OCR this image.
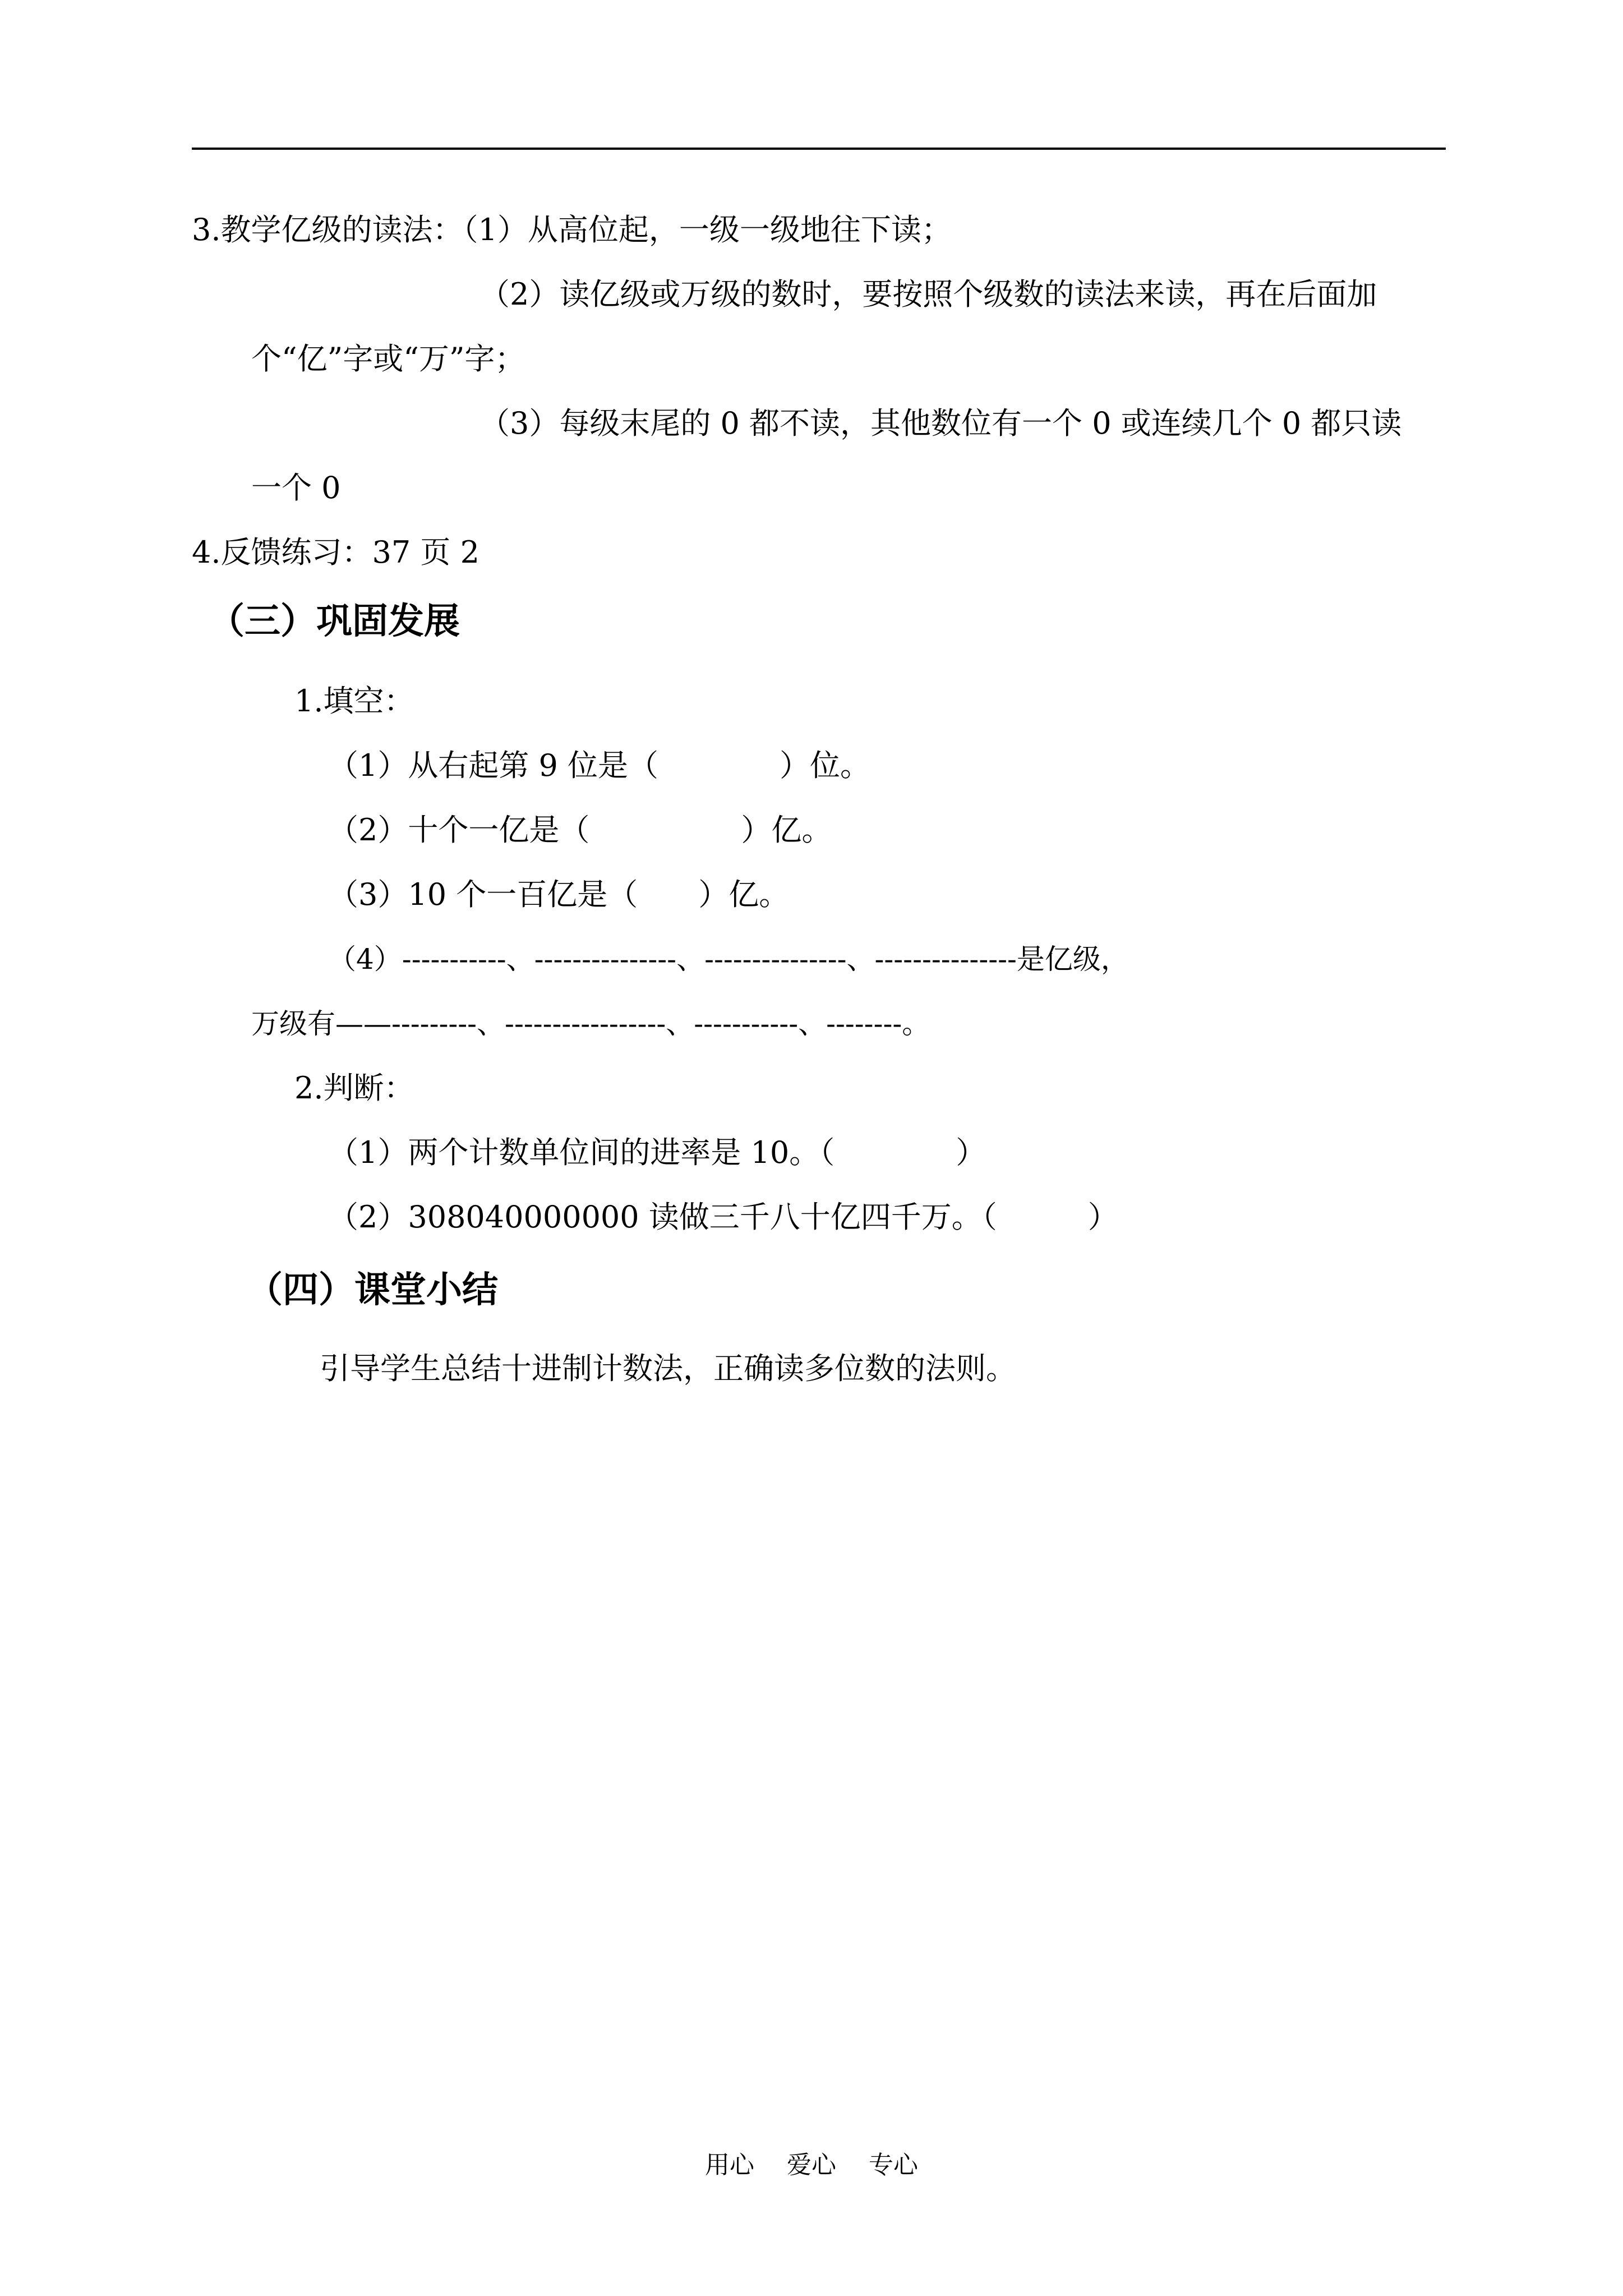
3.教学亿级的读法：（1）从高位起，一级一级地往下读；
（2）读亿级或万级的数时，要按照个级数的读法来读，再在后面加
个“亿”字或“万”字；
（3）每级末尾的 0 都不读，其他数位有一个 0 或连续几个 0 都只读
一个 0
4.反馈练习：37 页 2
（三）巩固发展
1.填空：
（1）从右起第 9 位是（　　　　）位。
（2）十个一亿是（　　　　　）亿。
（3）10 个一百亿是（　　）亿。
（4）-----------、---------------、---------------、---------------是亿级，
万级有——---------、-----------------、-----------、--------。
2.判断：
（1）两个计数单位间的进率是 10。（　　　　）
（2）308040000000 读做三千八十亿四千万。（　　　）
（四）课堂小结
引导学生总结十进制计数法，正确读多位数的法则。
用心　 爱心　 专心
